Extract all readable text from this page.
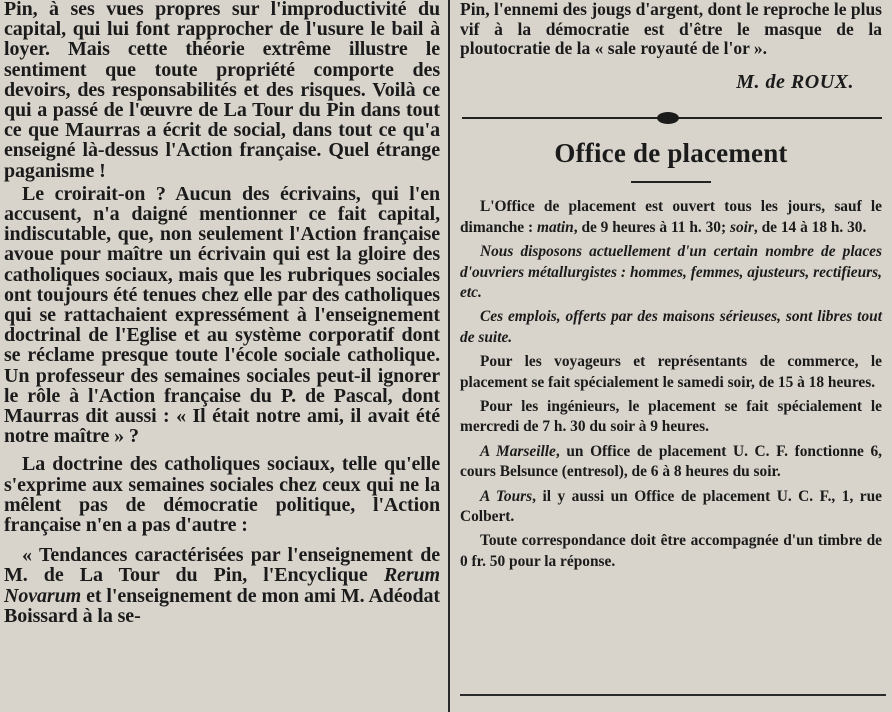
Pin, à ses vues propres sur l'improductivité du capital, qui lui font rapprocher de l'usure le bail à loyer. Mais cette théorie extrême illustre le sentiment que toute propriété comporte des devoirs, des responsabilités et des risques. Voilà ce qui a passé de l'œuvre de La Tour du Pin dans tout ce que Maurras a écrit de social, dans tout ce qu'a enseigné là-dessus l'Action française. Quel étrange paganisme !

Le croirait-on ? Aucun des écrivains, qui l'en accusent, n'a daigné mentionner ce fait capital, indiscutable, que, non seulement l'Action française avoue pour maître un écrivain qui est la gloire des catholiques sociaux, mais que les rubriques sociales ont toujours été tenues chez elle par des catholiques qui se rattachaient expressément à l'enseignement doctrinal de l'Eglise et au système corporatif dont se réclame presque toute l'école sociale catholique. Un professeur des semaines sociales peut-il ignorer le rôle à l'Action française du P. de Pascal, dont Maurras dit aussi : « Il était notre ami, il avait été notre maître » ?

La doctrine des catholiques sociaux, telle qu'elle s'exprime aux semaines sociales chez ceux qui ne la mêlent pas de démocratie politique, l'Action française n'en a pas d'autre :

« Tendances caractérisées par l'enseignement de M. de La Tour du Pin, l'Encyclique Rerum Novarum et l'enseignement de mon ami M. Adéodat Boissard à la se-

Pin, l'ennemi des jougs d'argent, dont le reproche le plus vif à la démocratie est d'être le masque de la ploutocratie de la « sale royauté de l'or ».

M. de ROUX.

Office de placement

L'Office de placement est ouvert tous les jours, sauf le dimanche : matin, de 9 heures à 11 h. 30; soir, de 14 à 18 h. 30.

Nous disposons actuellement d'un certain nombre de places d'ouvriers métallurgistes : hommes, femmes, ajusteurs, rectifieurs, etc.

Ces emplois, offerts par des maisons sérieuses, sont libres tout de suite.

Pour les voyageurs et représentants de commerce, le placement se fait spécialement le samedi soir, de 15 à 18 heures.

Pour les ingénieurs, le placement se fait spécialement le mercredi de 7 h. 30 du soir à 9 heures.

A Marseille, un Office de placement U. C. F. fonctionne 6, cours Belsunce (entresol), de 6 à 8 heures du soir.

A Tours, il y aussi un Office de placement U. C. F., 1, rue Colbert.

Toute correspondance doit être accompagnée d'un timbre de 0 fr. 50 pour la réponse.
